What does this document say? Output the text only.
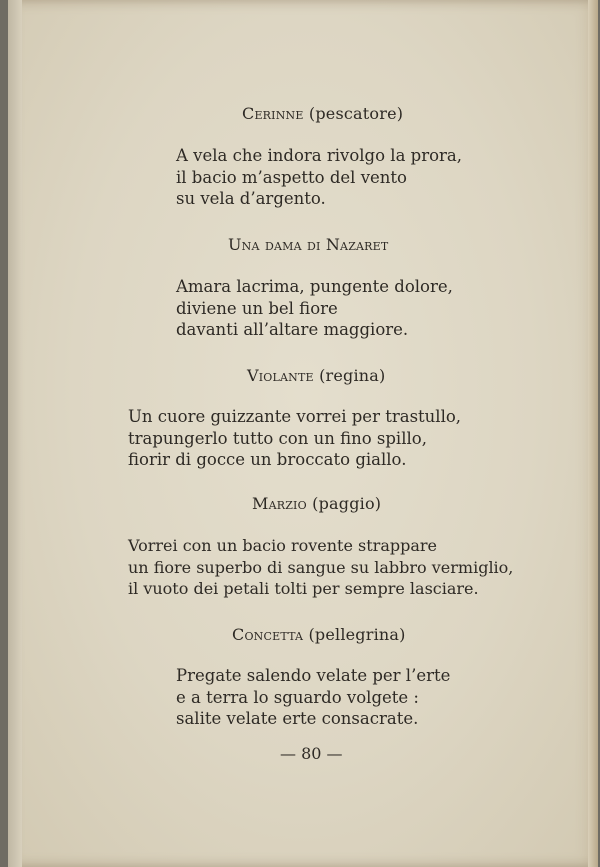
Cerinne (pescatore)
A vela che indora rivolgo la prora,
il bacio m’aspetto del vento
su vela d’argento.
Una dama di Nazaret
Amara lacrima, pungente dolore,
diviene un bel fiore
davanti all’altare maggiore.
Violante (regina)
Un cuore guizzante vorrei per trastullo,
trapungerlo tutto con un fino spillo,
fiorir di gocce un broccato giallo.
Marzio (paggio)
Vorrei con un bacio rovente strappare
un fiore superbo di sangue su labbro vermiglio,
il vuoto dei petali tolti per sempre lasciare.
Concetta (pellegrina)
Pregate salendo velate per l’erte
e a terra lo sguardo volgete :
salite velate erte consacrate.
— 80 —
